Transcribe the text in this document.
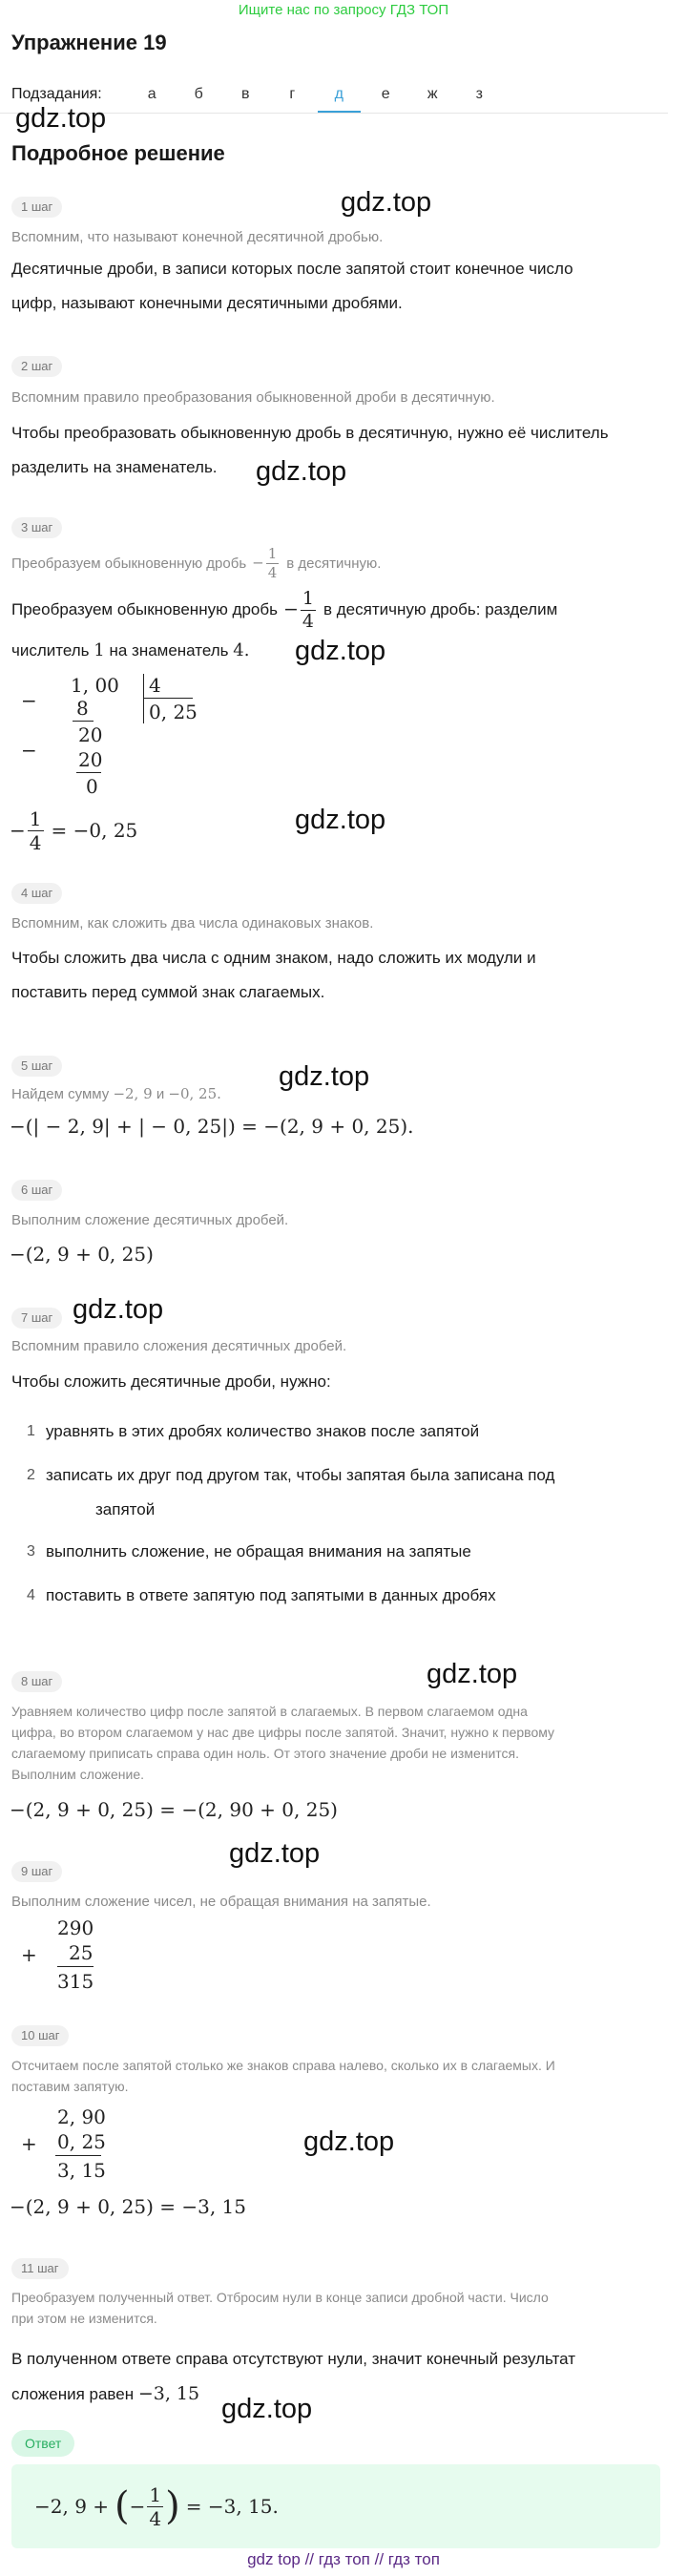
Ищите нас по запросу ГДЗ ТОП
Упражнение 19
Подзадания:	а	б	в	г	д	е	ж	з
gdz.top
gdz.top
gdz.top
gdz.top
gdz.top
gdz.top
gdz.top
gdz.top
gdz.top
gdz.top
gdz.top
Подробное решение
1 шаг
Вспомним, что называют конечной десятичной дробью.
Десятичные дроби, в записи которых после запятой стоит конечное число
цифр, называют конечными десятичными дробями.
2 шаг
Вспомним правило преобразования обыкновенной дроби в десятичную.
Чтобы преобразовать обыкновенную дробь в десятичную, нужно её числитель
разделить на знаменатель.
3 шаг
Преобразуем обыкновенную дробь − $\frac{1}{4}$ в десятичную.
Преобразуем обыкновенную дробь − $\frac{1}{4}$ в десятичную дробь: разделим
числитель 1 на знаменатель 4.
−
1, 00
8
20
− 20
0
4
0, 25
− $\frac{1}{4} = -0$, 25
4 шаг
Вспомним, как сложить два числа одинаковых знаков.
Чтобы сложить два числа с одним знаком, надо сложить их модули и
поставить перед суммой знак слагаемых.
5 шаг
Найдем сумму −2, 9 и −0, 25.
−(| − 2, 9| + | − 0, 25|) = −(2, 9 + 0, 25).
6 шаг
Выполним сложение десятичных дробей.
−(2, 9 + 0, 25)
7 шаг
Вспомним правило сложения десятичных дробей.
Чтобы сложить десятичные дроби, нужно:
1 уравнять в этих дробях количество знаков после запятой
2 записать их друг под другом так, чтобы запятая была записана под
запятой
3 выполнить сложение, не обращая внимания на запятые
4 поставить в ответе запятую под запятыми в данных дробях
8 шаг
Уравняем количество цифр после запятой в слагаемых. В первом слагаемом одна
цифра, во втором слагаемом у нас две цифры после запятой. Значит, нужно к первому
слагаемому приписать справа один ноль. От этого значение дроби не изменится.
Выполним сложение.
−(2, 9 + 0, 25) = −(2, 90 + 0, 25)
9 шаг
Выполним сложение чисел, не обращая внимания на запятые.
+
290
25
315
10 шаг
Отсчитаем после запятой столько же знаков справа налево, сколько их в слагаемых. И
поставим запятую.
+
2, 90
0, 25
3, 15
−(2, 9 + 0, 25) = −3, 15
11 шаг
Преобразуем полученный ответ. Отбросим нули в конце записи дробной части. Число
при этом не изменится.
В полученном ответе справа отсутствуют нули, значит конечный результат
сложения равен −3, 15
Ответ
−2, 9 + ( − $\frac{1}{4}$ ) = −3, 15.
gdz top // гдз топ // гдз топ
